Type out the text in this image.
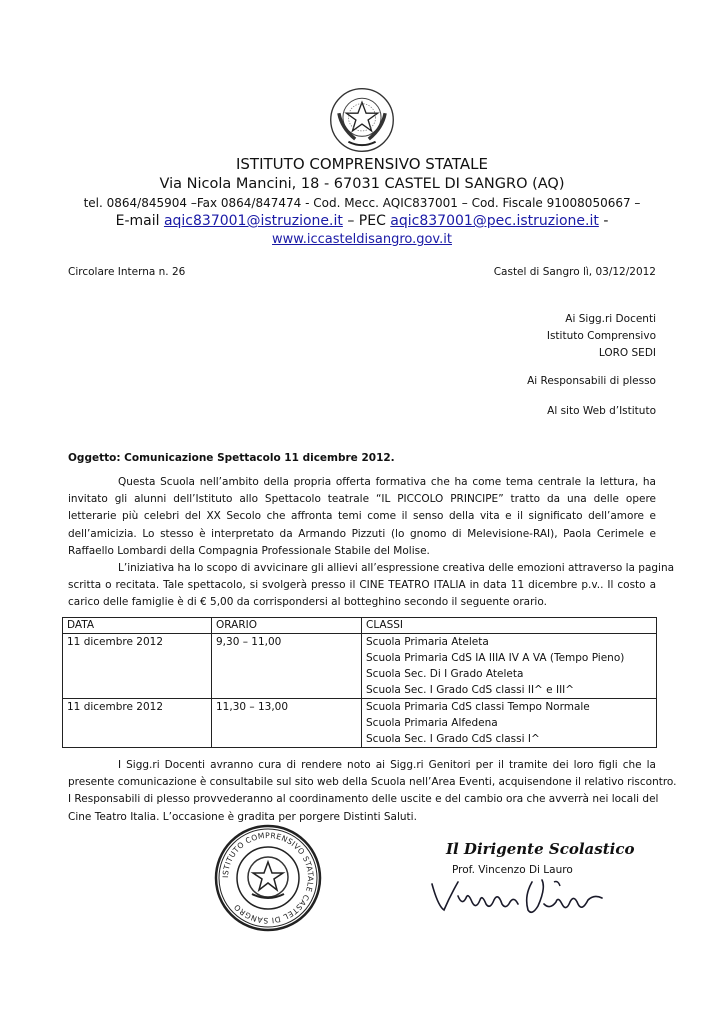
ISTITUTO COMPRENSIVO STATALE
Via Nicola Mancini, 18 - 67031 CASTEL DI SANGRO (AQ)
tel. 0864/845904 –Fax 0864/847474 - Cod. Mecc. AQIC837001 – Cod. Fiscale 91008050667 –
E-mail aqic837001@istruzione.it – PEC aqic837001@pec.istruzione.it -
www.iccasteldisangro.gov.it
Circolare Interna n. 26	Castel di Sangro lì, 03/12/2012
Ai Sigg.ri Docenti
Istituto Comprensivo
LORO SEDI
Ai Responsabili di plesso
Al sito Web d’Istituto
Oggetto: Comunicazione Spettacolo 11 dicembre 2012.
Questa Scuola nell’ambito della propria offerta formativa che ha come tema centrale la lettura, ha
invitato gli alunni dell’Istituto allo Spettacolo teatrale “IL PICCOLO PRINCIPE” tratto da una delle opere
letterarie più celebri del XX Secolo che affronta temi come il senso della vita e il significato dell’amore e
dell’amicizia. Lo stesso è interpretato da Armando Pizzuti (lo gnomo di Melevisione-RAI), Paola Cerimele e
Raffaello Lombardi della Compagnia Professionale Stabile del Molise.
L’iniziativa ha lo scopo di avvicinare gli allievi all’espressione creativa delle emozioni attraverso la pagina
scritta o recitata. Tale spettacolo, si svolgerà presso il CINE TEATRO ITALIA in data 11 dicembre p.v.. Il costo a
carico delle famiglie è di € 5,00 da corrispondersi al botteghino secondo il seguente orario.
DATA	ORARIO	CLASSI
11 dicembre 2012	9,30 – 11,00	Scuola Primaria Ateleta
Scuola Primaria CdS IA IIIA IV A VA (Tempo Pieno)
Scuola Sec. Di I Grado Ateleta
Scuola Sec. I Grado CdS classi II^ e III^

11 dicembre 2012	11,30 – 13,00	Scuola Primaria CdS classi Tempo Normale
Scuola Primaria Alfedena
Scuola Sec. I Grado CdS classi I^
I Sigg.ri Docenti avranno cura di rendere noto ai Sigg.ri Genitori per il tramite dei loro figli che la
presente comunicazione è consultabile sul sito web della Scuola nell’Area Eventi, acquisendone il relativo riscontro.
I Responsabili di plesso provvederanno al coordinamento delle uscite e del cambio ora che avverrà nei locali del
Cine Teatro Italia. L’occasione è gradita per porgere Distinti Saluti.
ISTITUTO COMPRENSIVO STATALE CASTEL DI SANGRO
Il Dirigente Scolastico
Prof. Vincenzo Di Lauro
